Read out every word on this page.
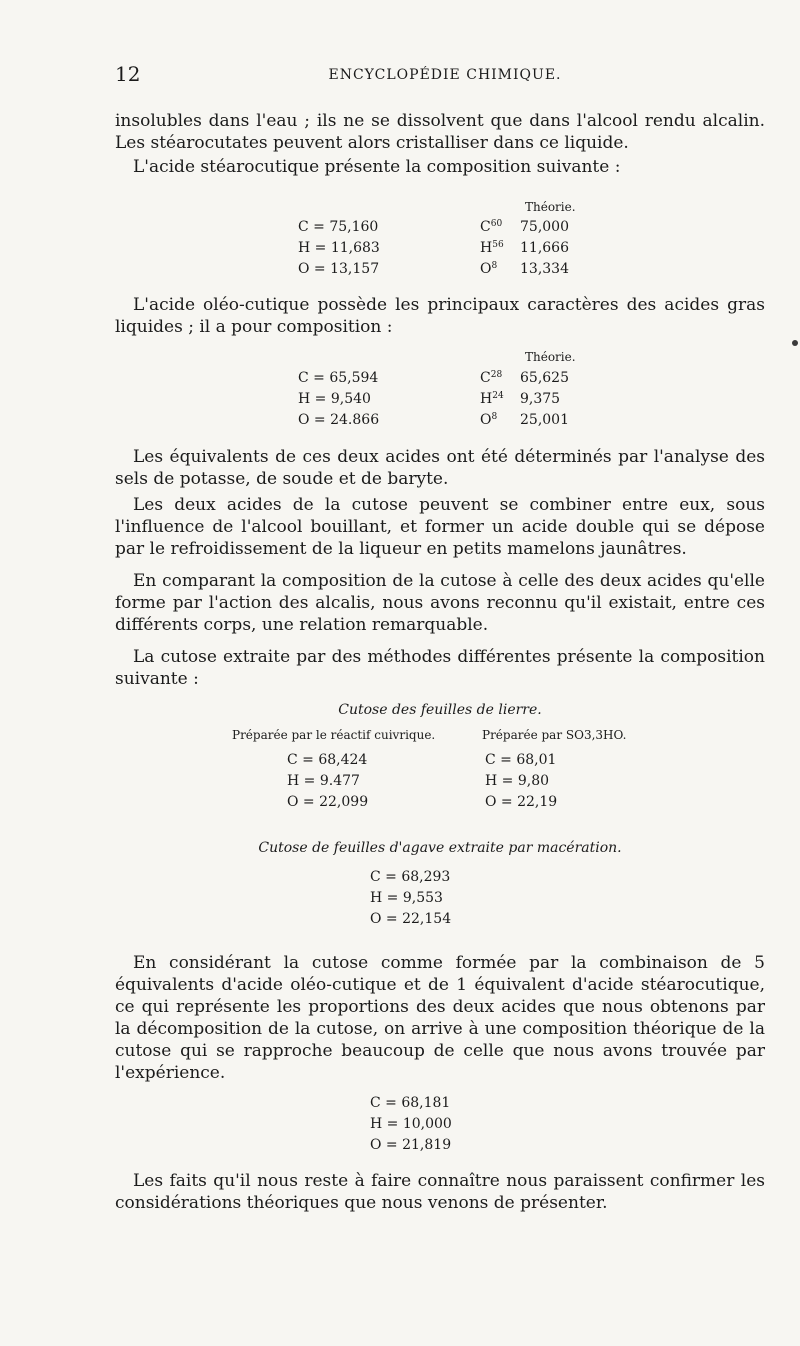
12	ENCYCLOPÉDIE CHIMIQUE.

insolubles dans l'eau ; ils ne se dissolvent que dans l'alcool rendu alcalin. Les stéarocutates peuvent alors cristalliser dans ce liquide.

L'acide stéarocutique présente la composition suivante :

Théorie.
C = 75,160
H = 11,683
O = 13,157
$C^{60}$
$H^{56}$
$O^8$
75,000
11,666
13,334

L'acide oléo-cutique possède les principaux caractères des acides gras liquides ; il a pour composition :

Théorie.
C = 65,594
H = 9,540
O = 24.866
$C^{28}$
$H^{24}$
$O^8$
65,625
9,375
25,001

Les équivalents de ces deux acides ont été déterminés par l'analyse des sels de potasse, de soude et de baryte.

Les deux acides de la cutose peuvent se combiner entre eux, sous l'influence de l'alcool bouillant, et former un acide double qui se dépose par le refroidissement de la liqueur en petits mamelons jaunâtres.

En comparant la composition de la cutose à celle des deux acides qu'elle forme par l'action des alcalis, nous avons reconnu qu'il existait, entre ces différents corps, une relation remarquable.

La cutose extraite par des méthodes différentes présente la composition suivante :

Cutose des feuilles de lierre.
Préparée par le réactif cuivrique.	Préparée par SO3,3HO.
C = 68,424
H = 9.477
O = 22,099
C = 68,01
H = 9,80
O = 22,19
Cutose de feuilles d'agave extraite par macération.
C = 68,293
H = 9,553
O = 22,154

En considérant la cutose comme formée par la combinaison de 5 équivalents d'acide oléo-cutique et de 1 équivalent d'acide stéarocutique, ce qui représente les proportions des deux acides que nous obtenons par la décomposition de la cutose, on arrive à une composition théorique de la cutose qui se rapproche beaucoup de celle que nous avons trouvée par l'expérience.

C = 68,181
H = 10,000
O = 21,819

Les faits qu'il nous reste à faire connaître nous paraissent confirmer les considérations théoriques que nous venons de présenter.
